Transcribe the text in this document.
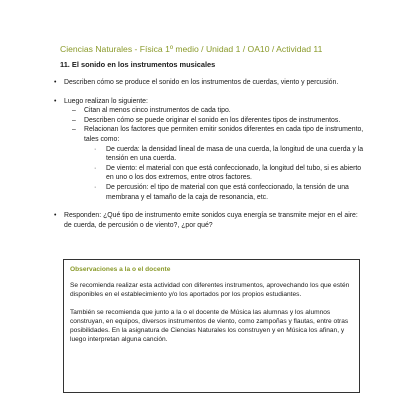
Ciencias Naturales - Física 1º medio / Unidad 1 / OA10 / Actividad 11
11. El sonido en los instrumentos musicales
• Describen cómo se produce el sonido en los instrumentos de cuerdas, viento y percusión.
• Luego realizan lo siguiente:
– Citan al menos cinco instrumentos de cada tipo.
– Describen cómo se puede originar el sonido en los diferentes tipos de instrumentos.
– Relacionan los factores que permiten emitir sonidos diferentes en cada tipo de instrumento, tales como:
· De cuerda: la densidad lineal de masa de una cuerda, la longitud de una cuerda y la tensión en una cuerda.
· De viento: el material con que está confeccionado, la longitud del tubo, si es abierto en uno o los dos extremos, entre otros factores.
· De percusión: el tipo de material con que está confeccionado, la tensión de una membrana y el tamaño de la caja de resonancia, etc.
• Responden: ¿Qué tipo de instrumento emite sonidos cuya energía se transmite mejor en el aire: de cuerda, de percusión o de viento?, ¿por qué?
Observaciones a la o el docente

Se recomienda realizar esta actividad con diferentes instrumentos, aprovechando los que estén disponibles en el establecimiento y/o los aportados por los propios estudiantes.

También se recomienda que junto a la o el docente de Música las alumnas y los alumnos construyan, en equipos, diversos instrumentos de viento, como zampoñas y flautas, entre otras posibilidades. En la asignatura de Ciencias Naturales los construyen y en Música los afinan, y luego interpretan alguna canción.
